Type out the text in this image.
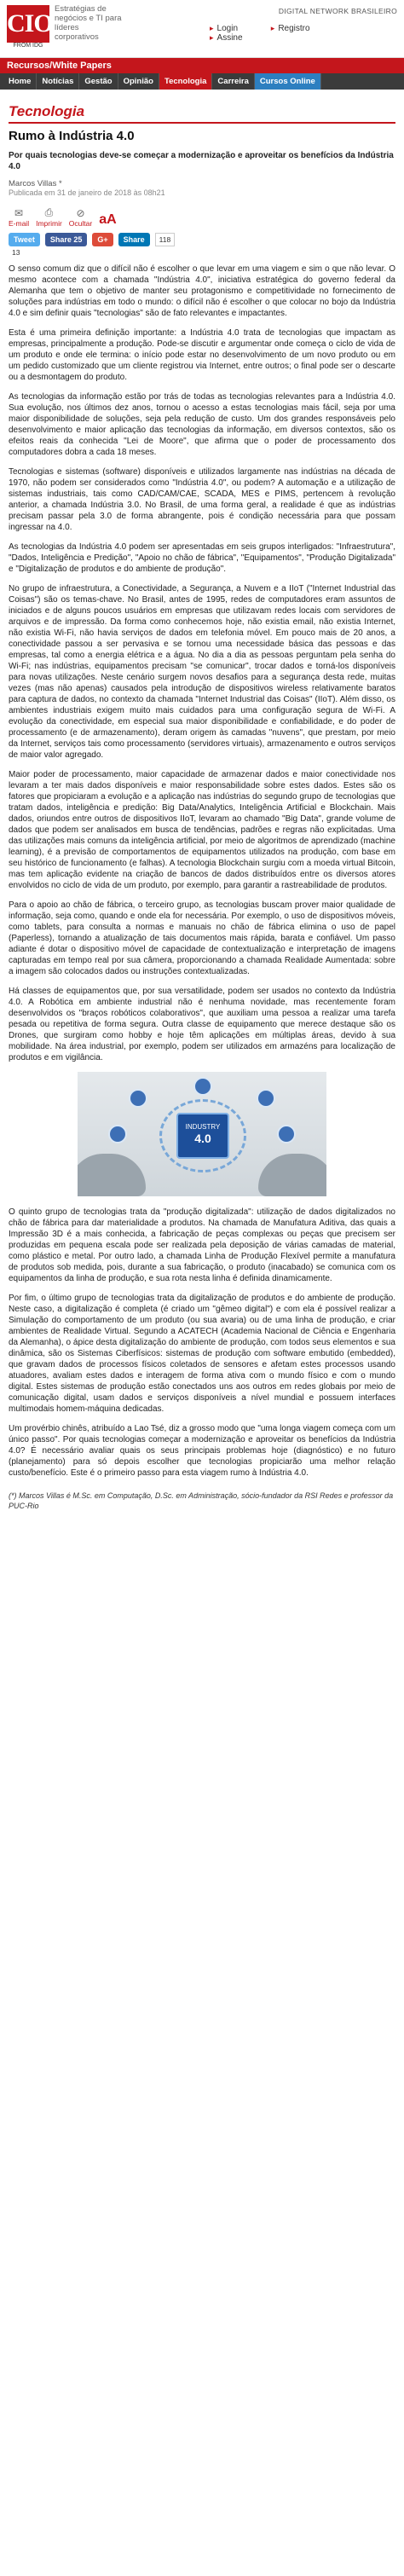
CIO
FROM IDG
Estratégias de negócios e TI para líderes corporativos
DIGITAL NETWORK BRASILEIRO
▸ Login	▸ Registro ▸ Assine
Recursos/White Papers
Home	Notícias	Gestão	Opinião	Tecnologia	Carreira	Cursos Online
Tecnologia
Rumo à Indústria 4.0

Por quais tecnologias deve-se começar a modernização e aproveitar os benefícios da Indústria 4.0

Marcos Villas *

Publicada em 31 de janeiro de 2018 às 08h21

✉
E-mail
⎙
Imprimir
⊘
Ocultar aA
Tweet	Share 25	G+	Share	118
13

O senso comum diz que o difícil não é escolher o que levar em uma viagem e sim o que não levar. O mesmo acontece com a chamada "Indústria 4.0", iniciativa estratégica do governo federal da Alemanha que tem o objetivo de manter seu protagonismo e competitividade no fornecimento de soluções para indústrias em todo o mundo: o difícil não é escolher o que colocar no bojo da Indústria 4.0 e sim definir quais "tecnologias" são de fato relevantes e impactantes.

Esta é uma primeira definição importante: a Indústria 4.0 trata de tecnologias que impactam as empresas, principalmente a produção. Pode-se discutir e argumentar onde começa o ciclo de vida de um produto e onde ele termina: o início pode estar no desenvolvimento de um novo produto ou em um pedido customizado que um cliente registrou via Internet, entre outros; o final pode ser o descarte ou a desmontagem do produto.

As tecnologias da informação estão por trás de todas as tecnologias relevantes para a Indústria 4.0. Sua evolução, nos últimos dez anos, tornou o acesso a estas tecnologias mais fácil, seja por uma maior disponibilidade de soluções, seja pela redução de custo. Um dos grandes responsáveis pelo desenvolvimento e maior aplicação das tecnologias da informação, em diversos contextos, são os efeitos reais da conhecida "Lei de Moore", que afirma que o poder de processamento dos computadores dobra a cada 18 meses.

Tecnologias e sistemas (software) disponíveis e utilizados largamente nas indústrias na década de 1970, não podem ser considerados como "Indústria 4.0", ou podem? A automação e a utilização de sistemas industriais, tais como CAD/CAM/CAE, SCADA, MES e PIMS, pertencem à revolução anterior, a chamada Indústria 3.0. No Brasil, de uma forma geral, a realidade é que as indústrias precisam passar pela 3.0 de forma abrangente, pois é condição necessária para que possam ingressar na 4.0.

As tecnologias da Indústria 4.0 podem ser apresentadas em seis grupos interligados: "Infraestrutura", "Dados, Inteligência e Predição", "Apoio no chão de fábrica", "Equipamentos", "Produção Digitalizada" e "Digitalização de produtos e do ambiente de produção".

No grupo de infraestrutura, a Conectividade, a Segurança, a Nuvem e a IIoT ("Internet Industrial das Coisas") são os temas-chave. No Brasil, antes de 1995, redes de computadores eram assuntos de iniciados e de alguns poucos usuários em empresas que utilizavam redes locais com servidores de arquivos e de impressão. Da forma como conhecemos hoje, não existia email, não existia Internet, não existia Wi-Fi, não havia serviços de dados em telefonia móvel. Em pouco mais de 20 anos, a conectividade passou a ser pervasiva e se tornou uma necessidade básica das pessoas e das empresas, tal como a energia elétrica e a água. No dia a dia as pessoas perguntam pela senha do Wi-Fi; nas indústrias, equipamentos precisam "se comunicar", trocar dados e torná-los disponíveis para novas utilizações. Neste cenário surgem novos desafios para a segurança desta rede, muitas vezes (mas não apenas) causados pela introdução de dispositivos wireless relativamente baratos para captura de dados, no contexto da chamada "Internet Industrial das Coisas" (IIoT). Além disso, os ambientes industriais exigem muito mais cuidados para uma configuração segura de Wi-Fi. A evolução da conectividade, em especial sua maior disponibilidade e confiabilidade, e do poder de processamento (e de armazenamento), deram origem às camadas "nuvens", que prestam, por meio da Internet, serviços tais como processamento (servidores virtuais), armazenamento e outros serviços de maior valor agregado.

Maior poder de processamento, maior capacidade de armazenar dados e maior conectividade nos levaram a ter mais dados disponíveis e maior responsabilidade sobre estes dados. Estes são os fatores que propiciaram a evolução e a aplicação nas indústrias do segundo grupo de tecnologias que tratam dados, inteligência e predição: Big Data/Analytics, Inteligência Artificial e Blockchain. Mais dados, oriundos entre outros de dispositivos IIoT, levaram ao chamado "Big Data", grande volume de dados que podem ser analisados em busca de tendências, padrões e regras não explicitadas. Uma das utilizações mais comuns da inteligência artificial, por meio de algoritmos de aprendizado (machine learning), é a previsão de comportamentos de equipamentos utilizados na produção, com base em seu histórico de funcionamento (e falhas). A tecnologia Blockchain surgiu com a moeda virtual Bitcoin, mas tem aplicação evidente na criação de bancos de dados distribuídos entre os diversos atores envolvidos no ciclo de vida de um produto, por exemplo, para garantir a rastreabilidade de produtos.

Para o apoio ao chão de fábrica, o terceiro grupo, as tecnologias buscam prover maior qualidade de informação, seja como, quando e onde ela for necessária. Por exemplo, o uso de dispositivos móveis, como tablets, para consulta a normas e manuais no chão de fábrica elimina o uso de papel (Paperless), tornando a atualização de tais documentos mais rápida, barata e confiável. Um passo adiante é dotar o dispositivo móvel de capacidade de contextualização e interpretação de imagens capturadas em tempo real por sua câmera, proporcionando a chamada Realidade Aumentada: sobre a imagem são colocados dados ou instruções contextualizadas.

Há classes de equipamentos que, por sua versatilidade, podem ser usados no contexto da Indústria 4.0. A Robótica em ambiente industrial não é nenhuma novidade, mas recentemente foram desenvolvidos os "braços robóticos colaborativos", que auxiliam uma pessoa a realizar uma tarefa pesada ou repetitiva de forma segura. Outra classe de equipamento que merece destaque são os Drones, que surgiram como hobby e hoje têm aplicações em múltiplas áreas, devido à sua mobilidade. Na área industrial, por exemplo, podem ser utilizados em armazéns para localização de produtos e em vigilância.

INDUSTRY
4.0

O quinto grupo de tecnologias trata da "produção digitalizada": utilização de dados digitalizados no chão de fábrica para dar materialidade a produtos. Na chamada de Manufatura Aditiva, das quais a Impressão 3D é a mais conhecida, a fabricação de peças complexas ou peças que precisem ser produzidas em pequena escala pode ser realizada pela deposição de várias camadas de material, como plástico e metal. Por outro lado, a chamada Linha de Produção Flexível permite a manufatura de produtos sob medida, pois, durante a sua fabricação, o produto (inacabado) se comunica com os equipamentos da linha de produção, e sua rota nesta linha é definida dinamicamente.

Por fim, o último grupo de tecnologias trata da digitalização de produtos e do ambiente de produção. Neste caso, a digitalização é completa (é criado um "gêmeo digital") e com ela é possível realizar a Simulação do comportamento de um produto (ou sua avaria) ou de uma linha de produção, e criar ambientes de Realidade Virtual. Segundo a ACATECH (Academia Nacional de Ciência e Engenharia da Alemanha), o ápice desta digitalização do ambiente de produção, com todos seus elementos e sua dinâmica, são os Sistemas Ciberfísicos: sistemas de produção com software embutido (embedded), que gravam dados de processos físicos coletados de sensores e afetam estes processos usando atuadores, avaliam estes dados e interagem de forma ativa com o mundo físico e com o mundo digital. Estes sistemas de produção estão conectados uns aos outros em redes globais por meio de comunicação digital, usam dados e serviços disponíveis a nível mundial e possuem interfaces multimodais homem-máquina dedicadas.

Um provérbio chinês, atribuído a Lao Tsé, diz a grosso modo que "uma longa viagem começa com um único passo". Por quais tecnologias começar a modernização e aproveitar os benefícios da Indústria 4.0? É necessário avaliar quais os seus principais problemas hoje (diagnóstico) e no futuro (planejamento) para só depois escolher que tecnologias propiciarão uma melhor relação custo/benefício. Este é o primeiro passo para esta viagem rumo à Indústria 4.0.

(*) Marcos Villas é M.Sc. em Computação, D.Sc. em Administração, sócio-fundador da RSI Redes e professor da PUC-Rio
